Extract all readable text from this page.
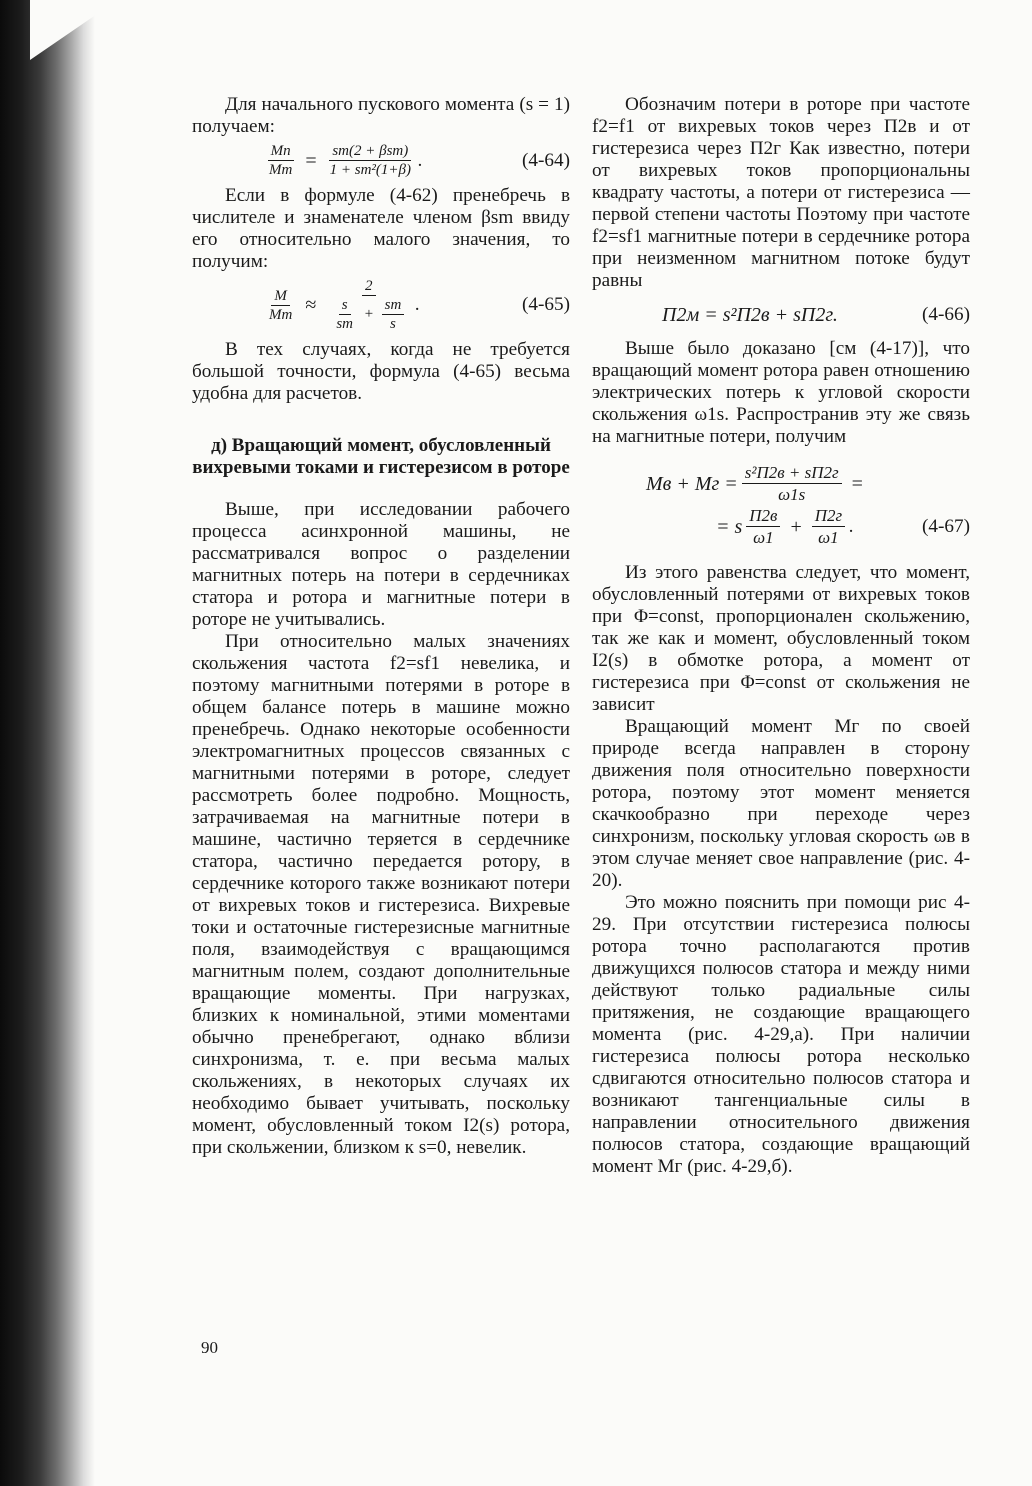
Для начального пускового момента (s = 1) получаем:

$\frac{Mп}{Mm} = \frac{\text{sm(2 + βsm)}}{\text{1 + sm²(1+β)}}$ .	(4-64)

Если в формуле (4-62) пренебречь в числителе и знаменателе членом βsm ввиду его относительно малого значения, то получим:

$\frac{M}{Mm}$ ≈
2
$\frac{s}{sm} + \frac{sm}{s}$ .	(4-65)

В тех случаях, когда не требуется большой точности, формула (4-65) весьма удобна для расчетов.

д) Вращающий момент, обусловленный вихревыми токами и гистерезисом в роторе

Выше, при исследовании рабочего процесса асинхронной машины, не рассматривался вопрос о разделении магнитных потерь на потери в сердечниках статора и ротора и магнитные потери в роторе не учитывались.

При относительно малых значениях скольжения частота f2=sf1 невелика, и поэтому магнитными потерями в роторе в общем балансе потерь в машине можно пренебречь. Однако некоторые особенности электромагнитных процессов связанных с магнитными потерями в роторе, следует рассмотреть более подробно. Мощность, затрачиваемая на магнитные потери в машине, частично теряется в сердечнике статора, частично передается ротору, в сердечнике которого также возникают потери от вихревых токов и гистерезиса. Вихревые токи и остаточные гистерезисные магнитные поля, взаимодействуя с вращающимся магнитным полем, создают дополнительные вращающие моменты. При нагрузках, близких к номинальной, этими моментами обычно пренебрегают, однако вблизи синхронизма, т. е. при весьма малых скольжениях, в некоторых случаях их необходимо бывает учитывать, поскольку момент, обусловленный током I2(s) ротора, при скольжении, близком к s=0, невелик.

Обозначим потери в роторе при частоте f2=f1 от вихревых токов через П2в и от гистерезиса через П2г Как известно, потери от вихревых токов пропорциональны квадрату частоты, а потери от гистерезиса — первой степени частоты Поэтому при частоте f2=sf1 магнитные потери в сердечнике ротора при неизменном магнитном потоке будут равны

П2м = s²П2в + sП2г.	(4-66)

Выше было доказано [см (4-17)], что вращающий момент ротора равен отношению электрических потерь к угловой скорости скольжения ω1s. Распространив эту же связь на магнитные потери, получим

Mв + Mг = $\frac{\text{s²П2в + sП2г}}{\omega 1s}$ =
= s $\frac{П2в}{\omega 1} + \frac{П2г}{\omega 1}$ .	(4-67)

Из этого равенства следует, что момент, обусловленный потерями от вихревых токов при Φ=const, пропорционален скольжению, так же как и момент, обусловленный током I2(s) в обмотке ротора, а момент от гистерезиса при Φ=const от скольжения не зависит

Вращающий момент Mг по своей природе всегда направлен в сторону движения поля относительно поверхности ротора, поэтому этот момент меняется скачкообразно при переходе через синхронизм, поскольку угловая скорость ωв в этом случае меняет свое направление (рис. 4-20).

Это можно пояснить при помощи рис 4-29. При отсутствии гистерезиса полюсы ротора точно располагаются против движущихся полюсов статора и между ними действуют только радиальные силы притяжения, не создающие вращающего момента (рис. 4-29,а). При наличии гистерезиса полюсы ротора несколько сдвигаются относительно полюсов статора и возникают тангенциальные силы в направлении относительного движения полюсов статора, создающие вращающий момент Mг (рис. 4-29,б).

90
